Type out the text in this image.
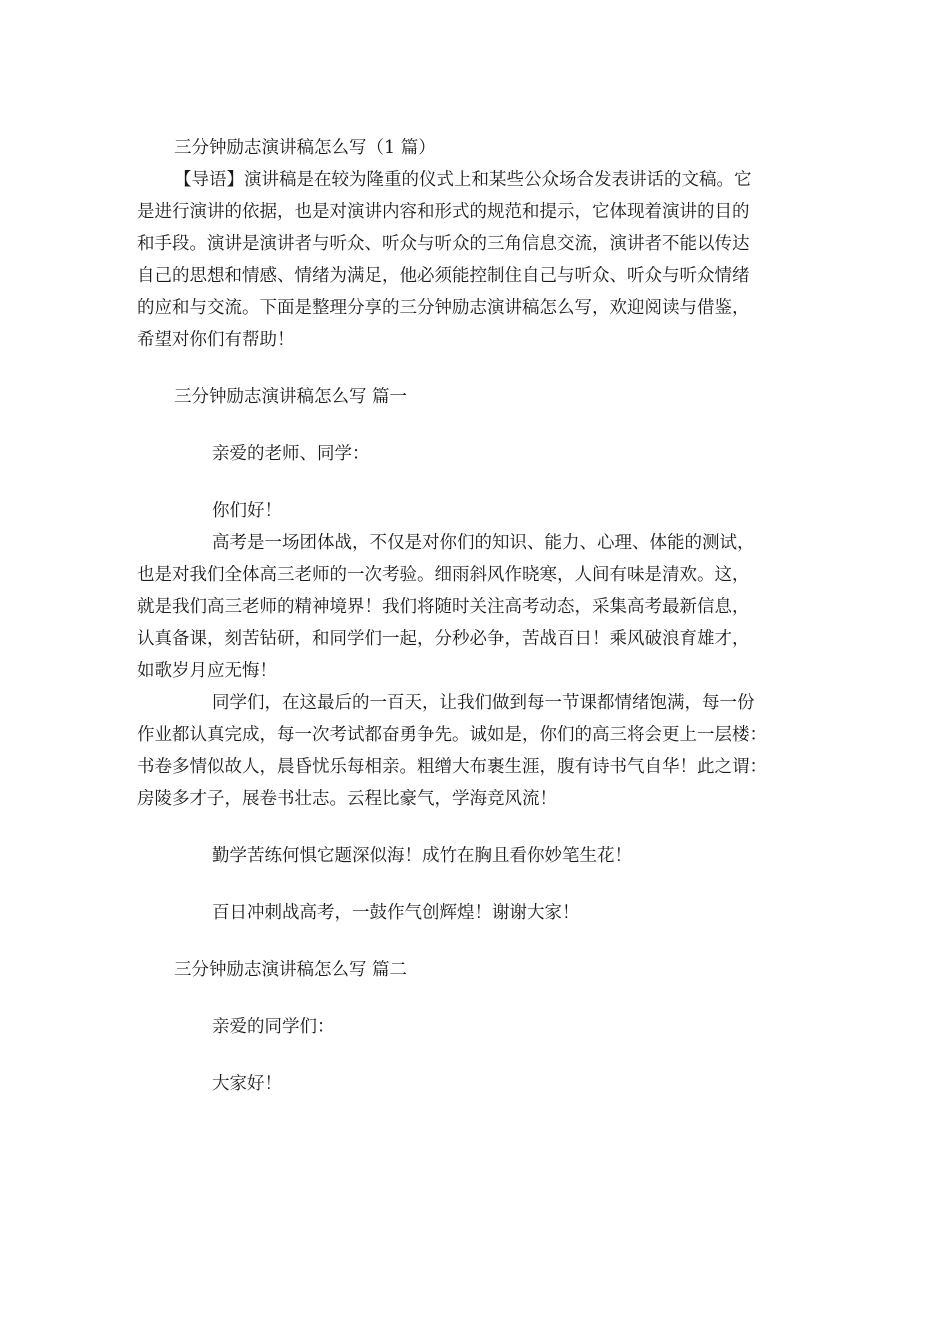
三分钟励志演讲稿怎么写（1 篇）

【导语】演讲稿是在较为隆重的仪式上和某些公众场合发表讲话的文稿。它

是进行演讲的依据，也是对演讲内容和形式的规范和提示，它体现着演讲的目的

和手段。演讲是演讲者与听众、听众与听众的三角信息交流，演讲者不能以传达

自己的思想和情感、情绪为满足，他必须能控制住自己与听众、听众与听众情绪

的应和与交流。下面是整理分享的三分钟励志演讲稿怎么写，欢迎阅读与借鉴，

希望对你们有帮助！

三分钟励志演讲稿怎么写 篇一

亲爱的老师、同学：

你们好！

高考是一场团体战，不仅是对你们的知识、能力、心理、体能的测试，

也是对我们全体高三老师的一次考验。细雨斜风作晓寒，人间有味是清欢。这，

就是我们高三老师的精神境界！我们将随时关注高考动态，采集高考最新信息，

认真备课，刻苦钻研，和同学们一起，分秒必争，苦战百日！乘风破浪育雄才，

如歌岁月应无悔！

同学们，在这最后的一百天，让我们做到每一节课都情绪饱满，每一份

作业都认真完成，每一次考试都奋勇争先。诚如是，你们的高三将会更上一层楼：

书卷多情似故人，晨昏忧乐每相亲。粗缯大布裹生涯，腹有诗书气自华！此之谓：

房陵多才子，展卷书壮志。云程比豪气，学海竞风流！

勤学苦练何惧它题深似海！成竹在胸且看你妙笔生花！

百日冲刺战高考，一鼓作气创辉煌！谢谢大家！

三分钟励志演讲稿怎么写 篇二

亲爱的同学们：

大家好！
